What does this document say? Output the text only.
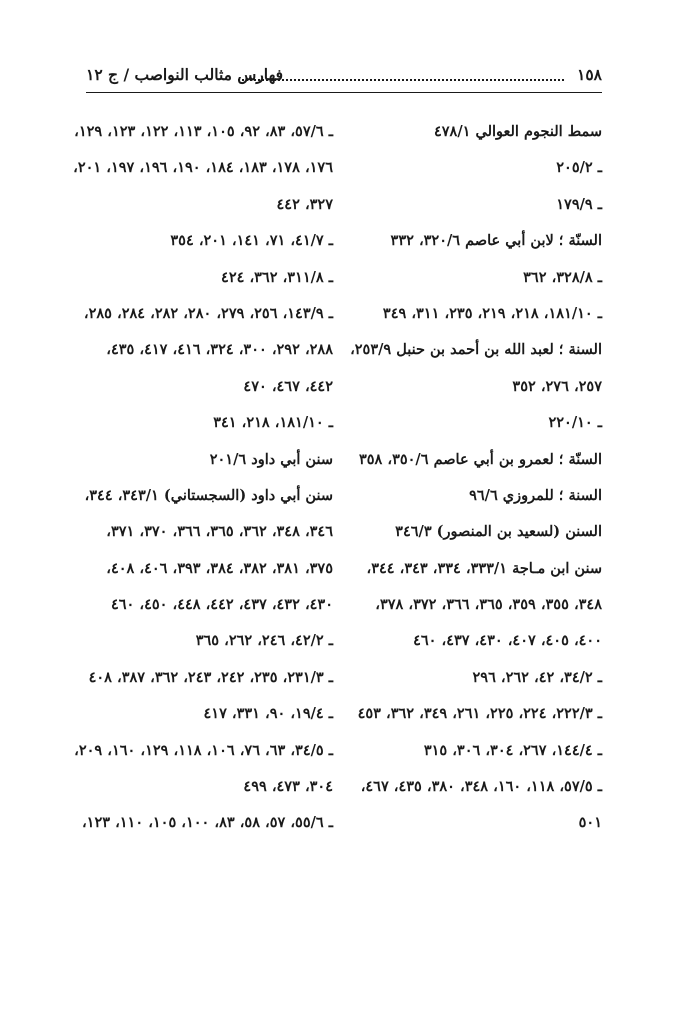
١٥٨
فهارس مثالب النواصب / ج ١٢
سمط النجوم العوالي ٤٧٨/١
ـ ٢٠٥/٢
ـ ١٧٩/٩
السنّة ؛ لابن أبي عاصم ٣٢٠/٦، ٣٣٢
ـ ٣٢٨/٨، ٣٦٢
ـ ١٨١/١٠، ٢١٨، ٢١٩، ٢٣٥، ٣١١، ٣٤٩
السنة ؛ لعبد الله بن أحمد بن حنبل ٢٥٣/٩،
٢٥٧، ٢٧٦، ٣٥٢
ـ ٢٢٠/١٠
السنّة ؛ لعمرو بن أبي عاصم ٣٥٠/٦، ٣٥٨
السنة ؛ للمروزي ٩٦/٦
السنن (لسعيد بن المنصور) ٣٤٦/٣
سنن ابن مـاجة ٣٣٣/١، ٣٣٤، ٣٤٣، ٣٤٤،
٣٤٨، ٣٥٥، ٣٥٩، ٣٦٥، ٣٦٦، ٣٧٢، ٣٧٨،
٤٠٠، ٤٠٥، ٤٠٧، ٤٣٠، ٤٣٧، ٤٦٠
ـ ٣٤/٢، ٤٢، ٢٦٢، ٢٩٦
ـ ٢٢٢/٣، ٢٢٤، ٢٢٥، ٢٦١، ٣٤٩، ٣٦٢، ٤٥٣
ـ ١٤٤/٤، ٢٦٧، ٣٠٤، ٣٠٦، ٣١٥
ـ ٥٧/٥، ١١٨، ١٦٠، ٣٤٨، ٣٨٠، ٤٣٥، ٤٦٧،
٥٠١
ـ ٥٧/٦، ٨٣، ٩٢، ١٠٥، ١١٣، ١٢٢، ١٢٣، ١٢٩،
١٧٦، ١٧٨، ١٨٣، ١٨٤، ١٩٠، ١٩٦، ١٩٧، ٢٠١،
٣٢٧، ٤٤٢
ـ ٤١/٧، ٧١، ١٤١، ٢٠١، ٣٥٤
ـ ٣١١/٨، ٣٦٢، ٤٢٤
ـ ١٤٣/٩، ٢٥٦، ٢٧٩، ٢٨٠، ٢٨٢، ٢٨٤، ٢٨٥،
٢٨٨، ٢٩٢، ٣٠٠، ٣٢٤، ٤١٦، ٤١٧، ٤٣٥،
٤٤٢، ٤٦٧، ٤٧٠
ـ ١٨١/١٠، ٢١٨، ٣٤١
سنن أبي داود ٢٠١/٦
سنن أبي داود (السجستاني) ٣٤٣/١، ٣٤٤،
٣٤٦، ٣٤٨، ٣٦٢، ٣٦٥، ٣٦٦، ٣٧٠، ٣٧١،
٣٧٥، ٣٨١، ٣٨٢، ٣٨٤، ٣٩٣، ٤٠٦، ٤٠٨،
٤٣٠، ٤٣٢، ٤٣٧، ٤٤٢، ٤٤٨، ٤٥٠، ٤٦٠
ـ ٤٢/٢، ٢٤٦، ٢٦٢، ٣٦٥
ـ ٢٣١/٣، ٢٣٥، ٢٤٢، ٢٤٣، ٣٦٢، ٣٨٧، ٤٠٨
ـ ١٩/٤، ٩٠، ٣٣١، ٤١٧
ـ ٣٤/٥، ٦٣، ٧٦، ١٠٦، ١١٨، ١٢٩، ١٦٠، ٢٠٩،
٣٠٤، ٤٧٣، ٤٩٩
ـ ٥٥/٦، ٥٧، ٥٨، ٨٣، ١٠٠، ١٠٥، ١١٠، ١٢٣،
